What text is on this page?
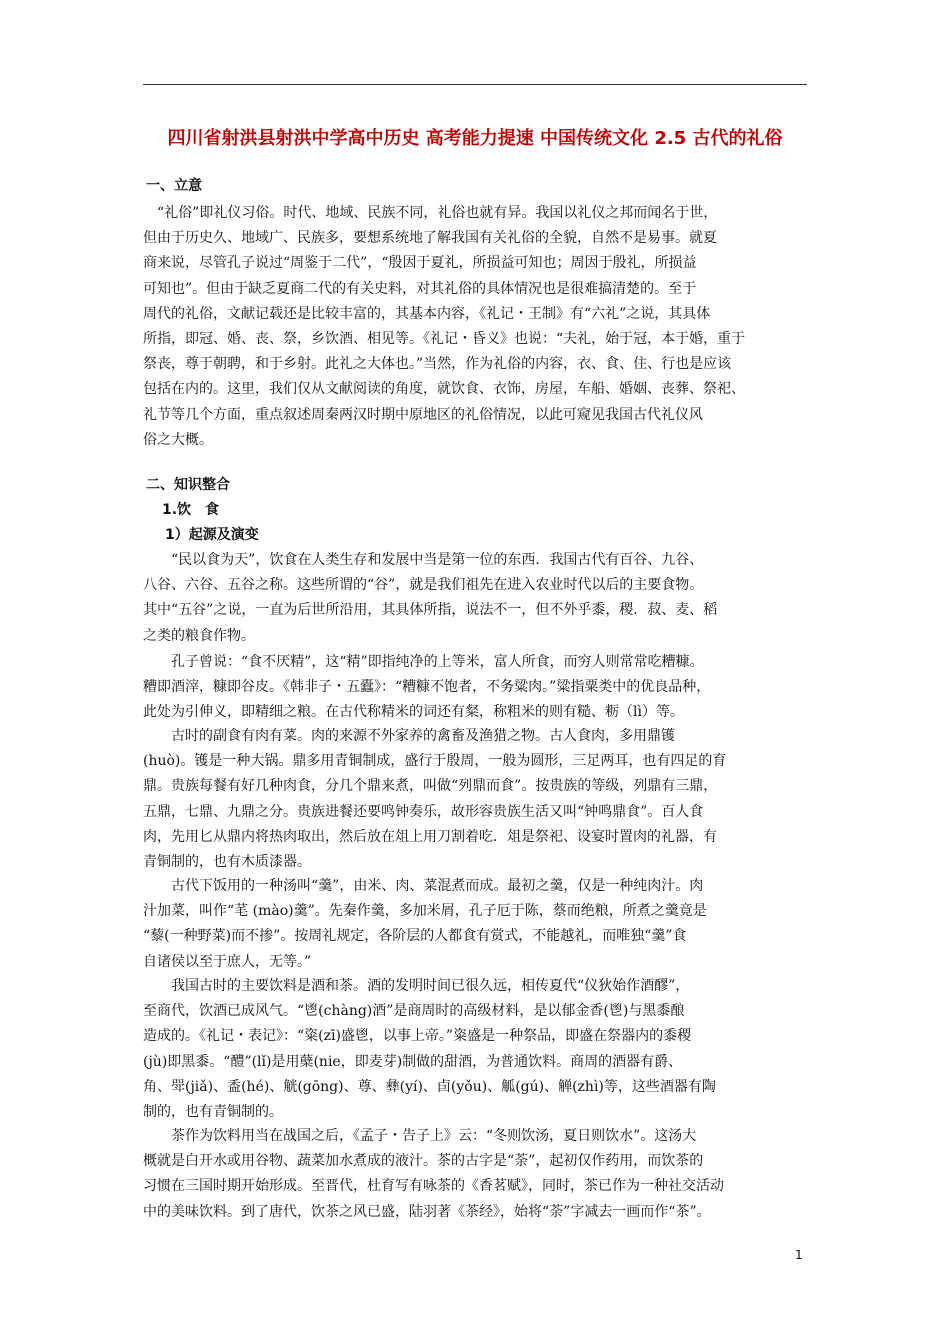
四川省射洪县射洪中学高中历史 高考能力提速 中国传统文化 2.5 古代的礼俗
一、立意
　“礼俗”即礼仪习俗。时代、地域、民族不同，礼俗也就有异。我国以礼仪之邦而闻名于世，
但由于历史久、地域广、民族多，要想系统地了解我国有关礼俗的全貌，自然不是易事。就夏
商来说，尽管孔子说过“周鉴于二代”，“殷因于夏礼，所损益可知也；周因于殷礼，所损益
可知也”。但由于缺乏夏商二代的有关史料，对其礼俗的具体情况也是很难搞清楚的。至于
周代的礼俗，文献记载还是比较丰富的，其基本内容，《礼记・王制》有“六礼”之说，其具体
所指，即冠、婚、丧、祭，乡饮酒、相见等。《礼记・昏义》也说：“夫礼，始于冠，本于婚，重于
祭丧，尊于朝聘，和于乡射。此礼之大体也。”当然，作为礼俗的内容，衣、食、住、行也是应该
包括在内的。这里，我们仅从文献阅读的角度，就饮食、衣饰，房屋，车船、婚姻、丧葬、祭祀、
礼节等几个方面，重点叙述周秦两汉时期中原地区的礼俗情况，以此可窥见我国古代礼仪风
俗之大概。
二、知识整合
1.饮　食
1）起源及演变
　　“民以食为天”，饮食在人类生存和发展中当是第一位的东西．我国古代有百谷、九谷、
八谷、六谷、五谷之称。这些所谓的“谷”，就是我们祖先在进入农业时代以后的主要食物。
其中“五谷”之说，一直为后世所沿用，其具体所指，说法不一，但不外乎黍，稷．菽、麦、稻
之类的粮食作物。
　　孔子曾说：“食不厌精”，这“精”即指纯净的上等米，富人所食，而穷人则常常吃糟糠。
糟即酒滓，糠即谷皮。《韩非子・五蠹》：“糟糠不饱者，不务粱肉。”粱指粟类中的优良品种，
此处为引伸义，即精细之粮。在古代称精米的词还有粲，称粗米的则有糙、粝（lì）等。
　　古时的副食有肉有菜。肉的来源不外家养的禽畜及渔猎之物。古人食肉，多用鼎镬
(huò)。镬是一种大锅。鼎多用青铜制成，盛行于殷周，一般为圆形，三足两耳，也有四足的育
鼎。贵族每餐有好几种肉食，分几个鼎来煮，叫做“列鼎而食”。按贵族的等级，列鼎有三鼎，
五鼎，七鼎、九鼎之分。贵族进餐还要鸣钟奏乐，故形容贵族生活又叫“钟鸣鼎食”。百人食
肉，先用匕从鼎内将热肉取出，然后放在俎上用刀割着吃．俎是祭祀、设宴时置肉的礼器，有
青铜制的，也有木质漆器。
　　古代下饭用的一种汤叫“羹”，由米、肉、菜混煮而成。最初之羹，仅是一种纯肉汁。肉
汁加菜，叫作“芼 (mào)羹”。先秦作羹，多加米屑，孔子厄于陈，蔡而绝粮，所煮之羹竟是
“藜(一种野菜)而不掺”。按周礼规定，各阶层的人都食有赏式，不能越礼，而唯独“羹”食
自诸侯以至于庶人，无等。”
　　我国古时的主要饮料是酒和茶。酒的发明时间已很久远，相传夏代“仪狄始作酒醪”，
至商代，饮酒已成风气。“鬯(chàng)酒”是商周时的高级材料，是以郁金香(鬯)与黑黍酿
造成的。《礼记・表记》：“粢(zī)盛鬯，以事上帝。”粢盛是一种祭品，即盛在祭器内的黍稷
(jù)即黑黍。“醴”(lǐ)是用蘖(nie，即麦芽)制做的甜酒，为普通饮料。商周的酒器有爵、
角、斝(jiǎ)、盉(hé)、觥(gōng)、尊、彝(yí)、卣(yǒu)、觚(gú)、觯(zhì)等，这些酒器有陶
制的，也有青铜制的。
　　茶作为饮料用当在战国之后，《孟子・告子上》云：“冬则饮汤，夏日则饮水”。这汤大
概就是白开水或用谷物、蔬菜加水煮成的液汁。茶的古字是“荼”，起初仅作药用，而饮茶的
习惯在三国时期开始形成。至晋代，杜育写有咏茶的《香茗赋》，同时，茶已作为一种社交活动
中的美味饮料。到了唐代，饮茶之风已盛，陆羽著《茶经》，始将“荼”字减去一画而作“茶”。
1
